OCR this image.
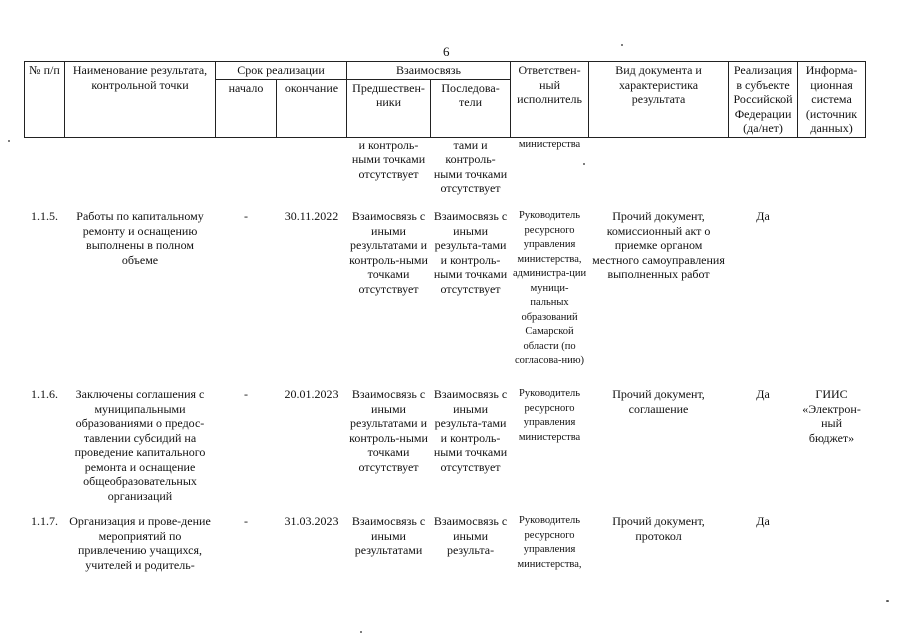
6
№ п/п	Наименование результата, контрольной точки	Срок реализации		Взаимосвязь		Ответствен-ный исполнитель	Вид документа и характеристика результата	Реализация в субъекте Российской Федерации (да/нет)	Информа-ционная система (источник данных)
		начало	окончание	Предшествен-ники	Последова-тели				
				и контроль-ными точками отсутствует	тами и контроль-ными точками отсутствует	министерства			
1.1.5.	Работы по капитальному ремонту и оснащению выполнены в полном объеме	-	30.11.2022	Взаимосвязь с иными результатами и контроль-ными точками отсутствует	Взаимосвязь с иными результа-тами и контроль-ными точками отсутствует	Руководитель ресурсного управления министерства, администра-ции муници-пальных образований Самарской области (по согласова-нию)	Прочий документ, комиссионный акт о приемке органом местного самоуправления выполненных работ	Да	
1.1.6.	Заключены соглашения с муниципальными образованиями о предос-тавлении субсидий на проведение капитального ремонта и оснащение общеобразовательных организаций	-	20.01.2023	Взаимосвязь с иными результатами и контроль-ными точками отсутствует	Взаимосвязь с иными результа-тами и контроль-ными точками отсутствует	Руководитель ресурсного управления министерства	Прочий документ, соглашение	Да	ГИИС «Электрон-ный бюджет»
1.1.7.	Организация и прове-дение мероприятий по привлечению учащихся, учителей и родитель-	-	31.03.2023	Взаимосвязь с иными результатами	Взаимосвязь с иными результа-	Руководитель ресурсного управления министерства,	Прочий документ, протокол	Да	
